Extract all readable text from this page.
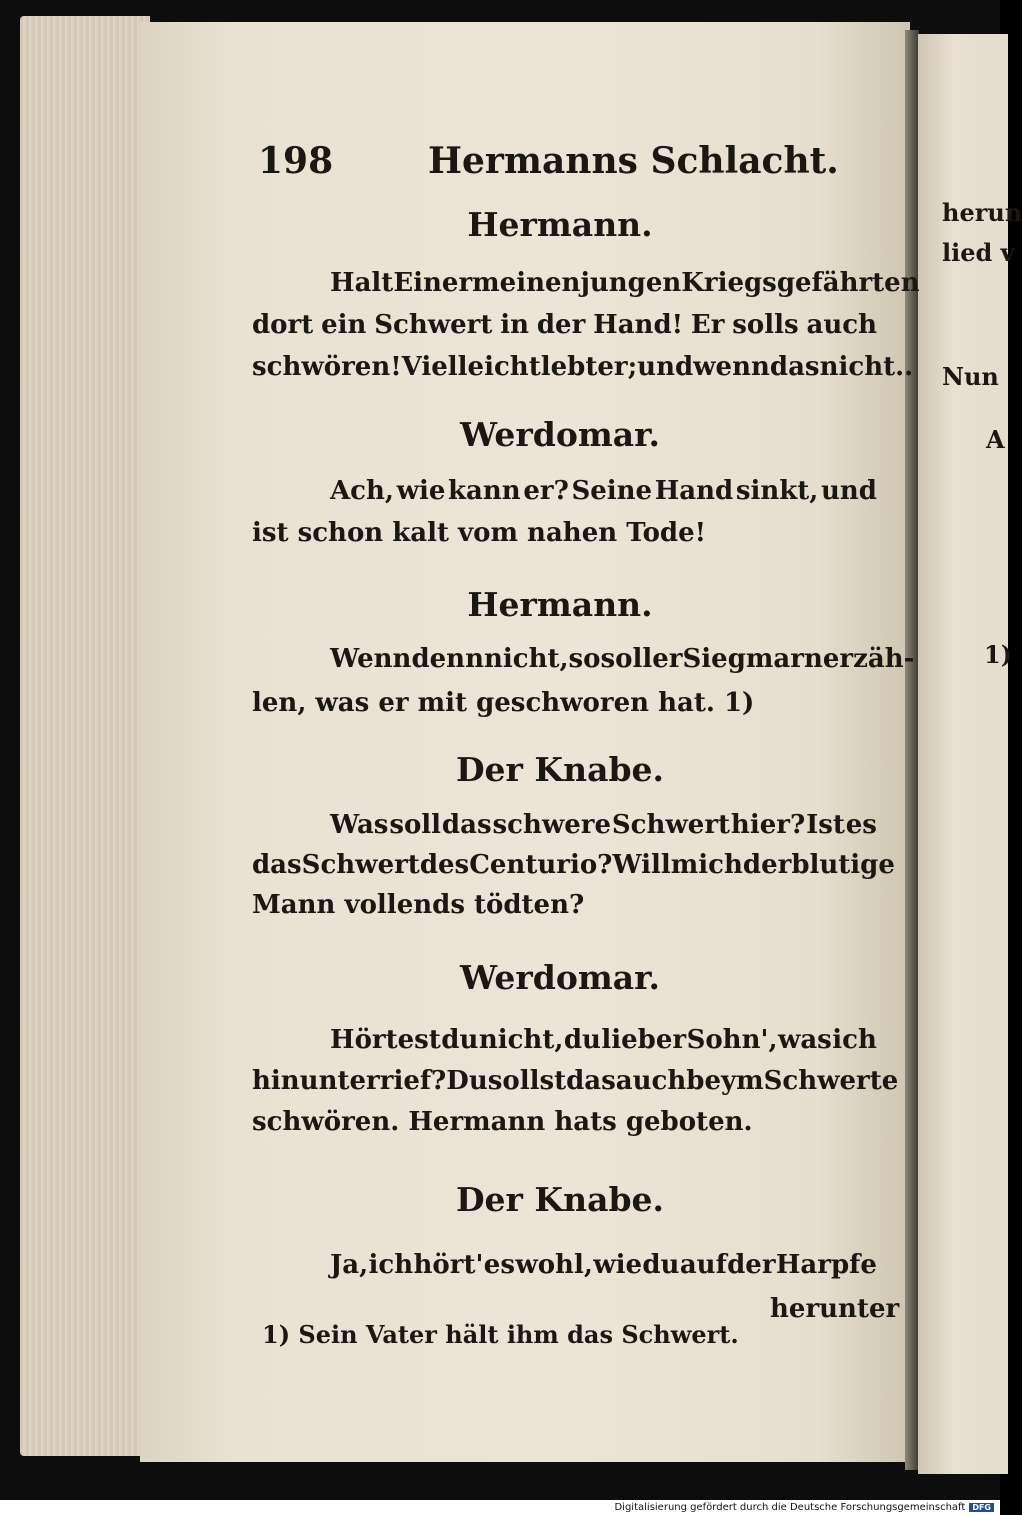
198	Hermanns Schlacht.
Hermann.
Halt Einer meinen jungen Kriegsgefährten
dort ein Schwert in der Hand! Er solls auch
schwören! Vielleicht lebt er; und wenn das nicht ..
Werdomar.
Ach, wie kann er? Seine Hand sinkt, und
ist schon kalt vom nahen Tode!
Hermann.
Wenn denn nicht, so soll er Siegmarn erzäh-
len, was er mit geschworen hat. 1)
Der Knabe.
Was soll das schwere Schwert hier? Ist es
das Schwert des Centurio? Will mich der blutige
Mann vollends tödten?
Werdomar.
Hörtest du nicht, du lieber Sohn', was ich
hinunterrief? Du sollst das auch beym Schwerte
schwören. Hermann hats geboten.
Der Knabe.
Ja, ich hört' es wohl, wie du auf der Harpfe
herunter
1) Sein Vater hält ihm das Schwert.
herun
lied v
Nun
A
1)
Digitalisierung gefördert durch die Deutsche Forschungsgemeinschaft DFG
